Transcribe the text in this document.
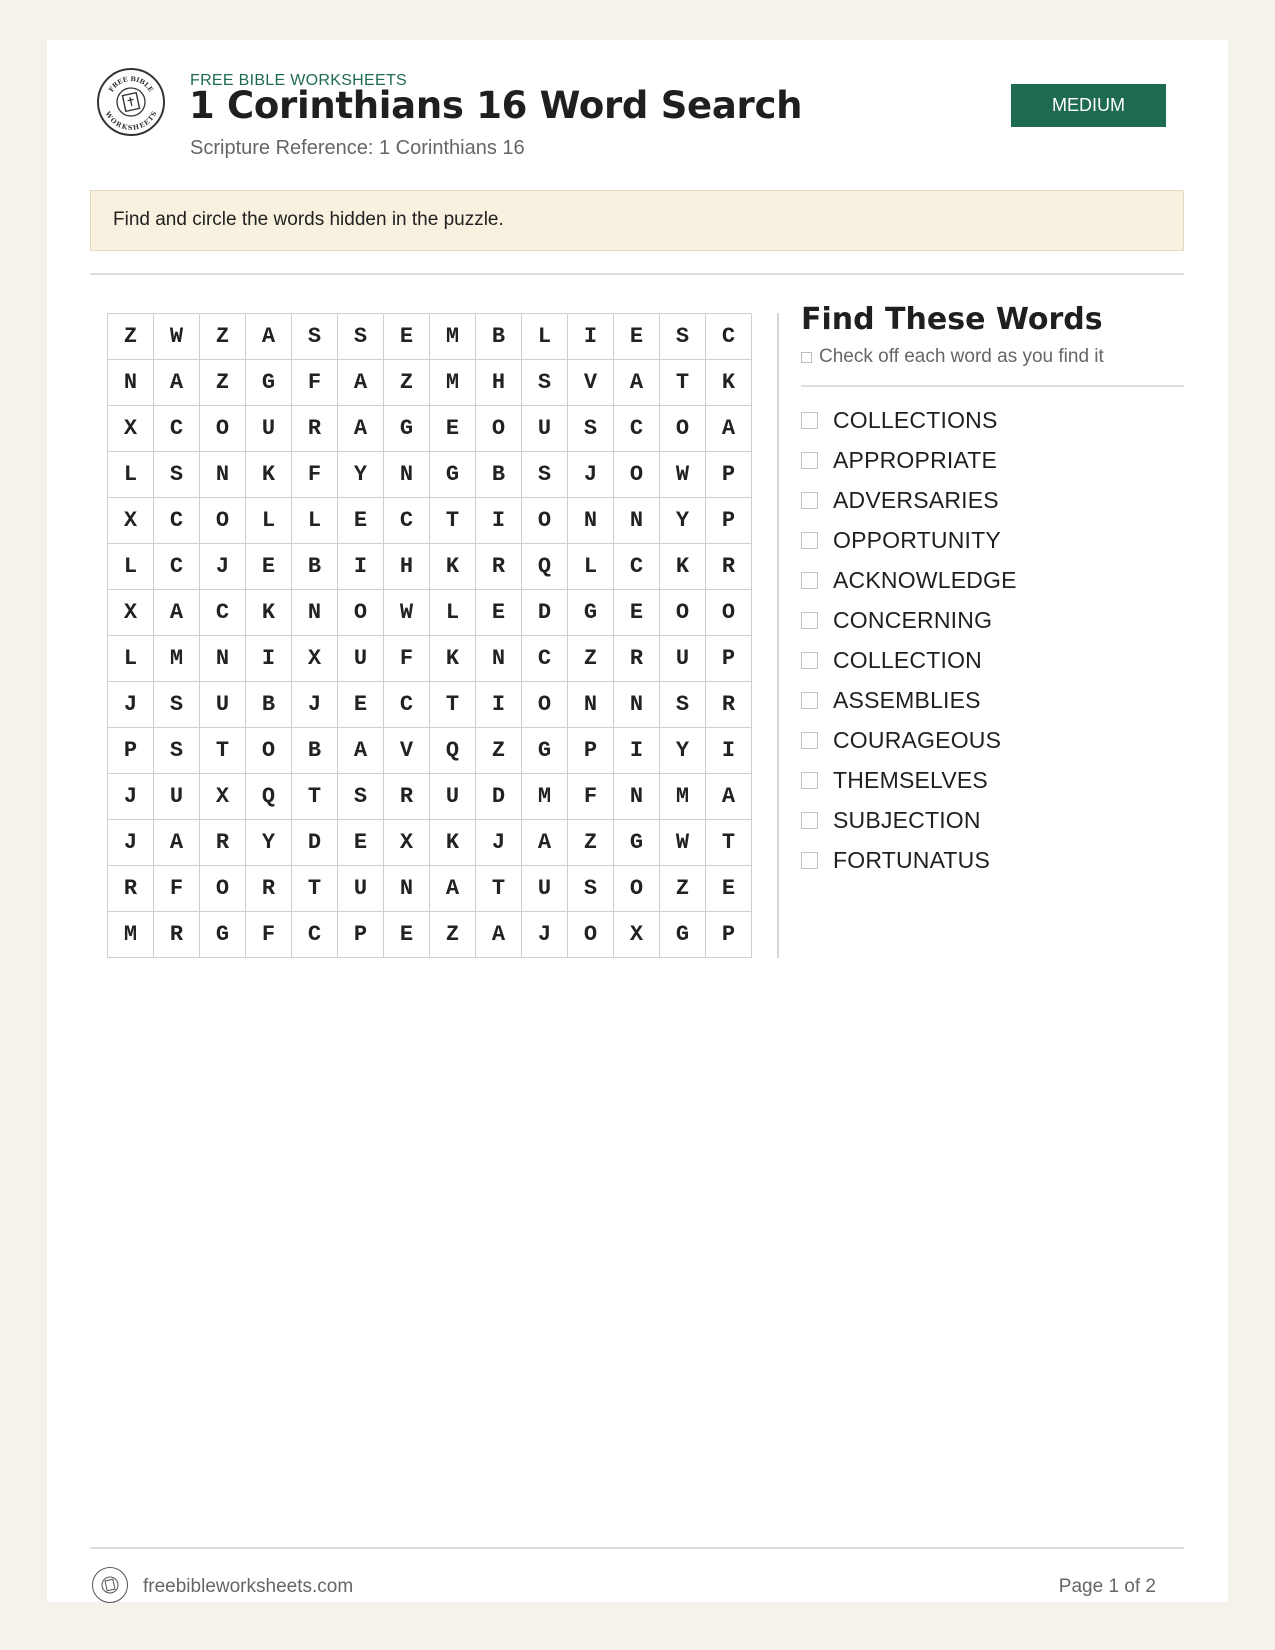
FREE BIBLE
WORKSHEETS
FREE BIBLE WORKSHEETS
1 Corinthians 16 Word Search
Scripture Reference: 1 Corinthians 16
MEDIUM
Find and circle the words hidden in the puzzle.
Z	W	Z	A	S	S	E	M	B	L	I	E	S	C
N	A	Z	G	F	A	Z	M	H	S	V	A	T	K
X	C	O	U	R	A	G	E	O	U	S	C	O	A
L	S	N	K	F	Y	N	G	B	S	J	O	W	P
X	C	O	L	L	E	C	T	I	O	N	N	Y	P
L	C	J	E	B	I	H	K	R	Q	L	C	K	R
X	A	C	K	N	O	W	L	E	D	G	E	O	O
L	M	N	I	X	U	F	K	N	C	Z	R	U	P
J	S	U	B	J	E	C	T	I	O	N	N	S	R
P	S	T	O	B	A	V	Q	Z	G	P	I	Y	I
J	U	X	Q	T	S	R	U	D	M	F	N	M	A
J	A	R	Y	D	E	X	K	J	A	Z	G	W	T
R	F	O	R	T	U	N	A	T	U	S	O	Z	E
M	R	G	F	C	P	E	Z	A	J	O	X	G	P
Find These Words
Check off each word as you find it
COLLECTIONS
APPROPRIATE
ADVERSARIES
OPPORTUNITY
ACKNOWLEDGE
CONCERNING
COLLECTION
ASSEMBLIES
COURAGEOUS
THEMSELVES
SUBJECTION
FORTUNATUS
freebibleworksheets.com	Page 1 of 2
